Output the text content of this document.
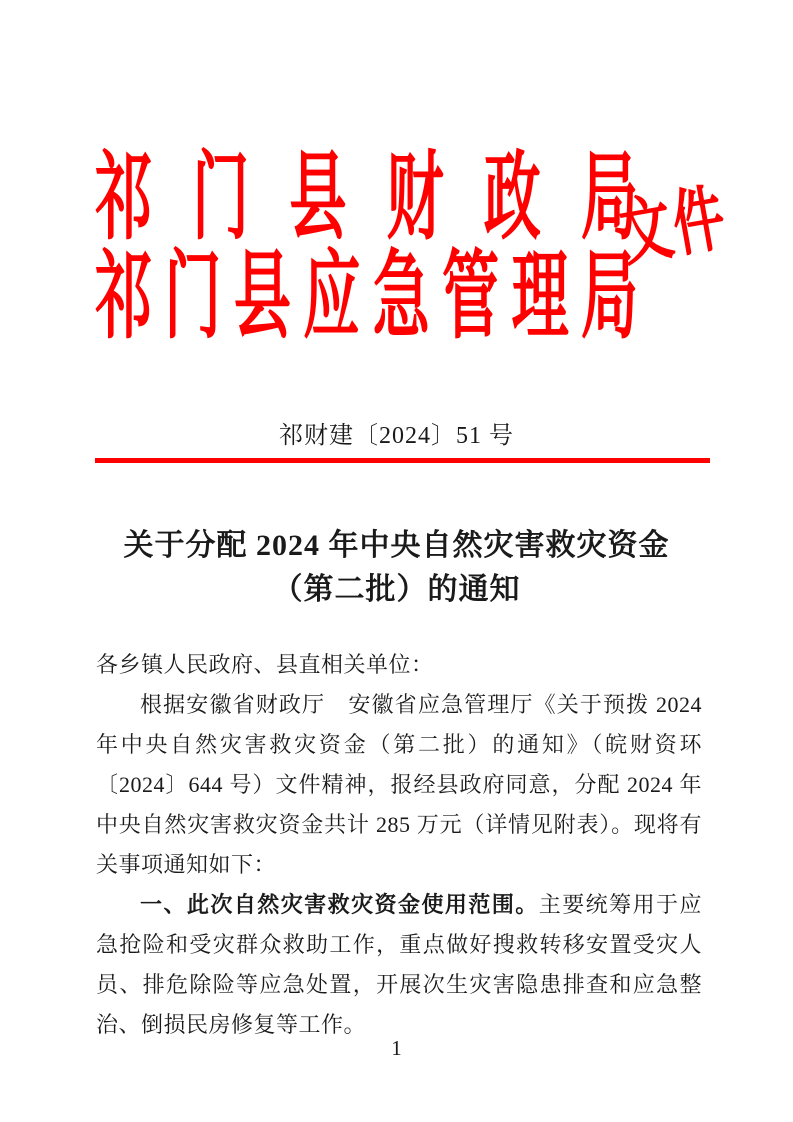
祁 门 县 财 政 局
祁门县应急管理局
文件
祁财建〔2024〕51 号
关于分配 2024 年中央自然灾害救灾资金
（第二批）的通知

各乡镇人民政府、县直相关单位：

根据安徽省财政厅　安徽省应急管理厅《关于预拨 2024 年中央自然灾害救灾资金（第二批）的通知》（皖财资环〔2024〕644 号）文件精神，报经县政府同意，分配 2024 年中央自然灾害救灾资金共计 285 万元（详情见附表）。现将有关事项通知如下：

一、此次自然灾害救灾资金使用范围。主要统筹用于应急抢险和受灾群众救助工作，重点做好搜救转移安置受灾人员、排危除险等应急处置，开展次生灾害隐患排查和应急整治、倒损民房修复等工作。

1
